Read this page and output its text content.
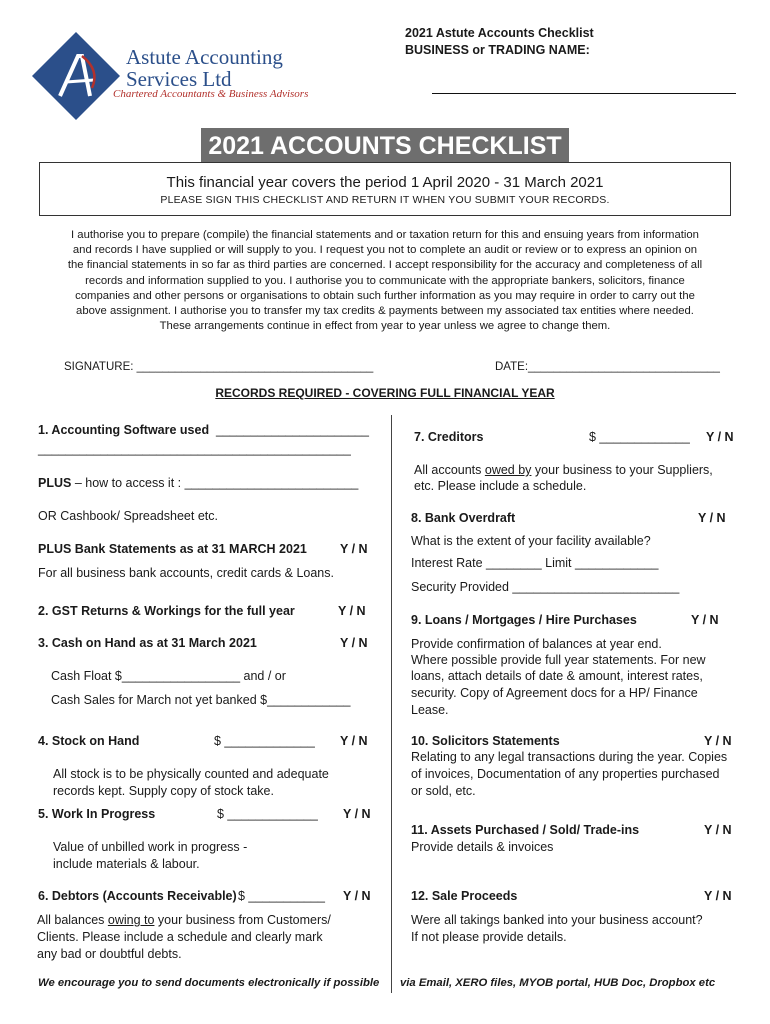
Astute Accounting
Services Ltd
Chartered Accountants & Business Advisors
2021 Astute Accounts Checklist
BUSINESS or TRADING NAME:
2021 ACCOUNTS CHECKLIST
This financial year covers the period 1 April 2020 - 31 March 2021
PLEASE SIGN THIS CHECKLIST AND RETURN IT WHEN YOU SUBMIT YOUR RECORDS.
I authorise you to prepare (compile) the financial statements and or taxation return for this and ensuing years from information
and records I have supplied or will supply to you. I request you not to complete an audit or review or to express an opinion on
the financial statements in so far as third parties are concerned. I accept responsibility for the accuracy and completeness of all
records and information supplied to you. I authorise you to communicate with the appropriate bankers, solicitors, finance
companies and other persons or organisations to obtain such further information as you may require in order to carry out the
above assignment. I authorise you to transfer my tax credits & payments between my associated tax entities where needed.
These arrangements continue in effect from year to year unless we agree to change them.
SIGNATURE: _____________________________________	DATE:______________________________
RECORDS REQUIRED - COVERING FULL FINANCIAL YEAR
1. Accounting Software used ______________________
_____________________________________________
PLUS – how to access it : _________________________
OR Cashbook/ Spreadsheet etc.
PLUS Bank Statements as at 31 MARCH 2021	Y / N
For all business bank accounts, credit cards & Loans.
2. GST Returns & Workings for the full year	Y / N
3. Cash on Hand as at 31 March 2021	Y / N
Cash Float $_________________ and / or
Cash Sales for March not yet banked $____________
4. Stock on Hand	$ _____________ Y / N
All stock is to be physically counted and adequate
records kept. Supply copy of stock take.
5. Work In Progress	$ _____________ Y / N
Value of unbilled work in progress -
include materials & labour.
6. Debtors (Accounts Receivable) $ ___________ Y / N
All balances owing to your business from Customers/
Clients. Please include a schedule and clearly mark
any bad or doubtful debts.
7. Creditors	$ _____________ Y / N
All accounts owed by your business to your Suppliers,
etc. Please include a schedule.
8. Bank Overdraft	Y / N
What is the extent of your facility available?
Interest Rate ________ Limit ____________
Security Provided ________________________
9. Loans / Mortgages / Hire Purchases	Y / N
Provide confirmation of balances at year end.
Where possible provide full year statements. For new
loans, attach details of date & amount, interest rates,
security. Copy of Agreement docs for a HP/ Finance
Lease.
10. Solicitors Statements	Y / N
Relating to any legal transactions during the year. Copies
of invoices, Documentation of any properties purchased
or sold, etc.
11. Assets Purchased / Sold/ Trade-ins	Y / N
Provide details & invoices
12. Sale Proceeds	Y / N
Were all takings banked into your business account?
If not please provide details.
We encourage you to send documents electronically if possible via Email, XERO files, MYOB portal, HUB Doc, Dropbox etc
